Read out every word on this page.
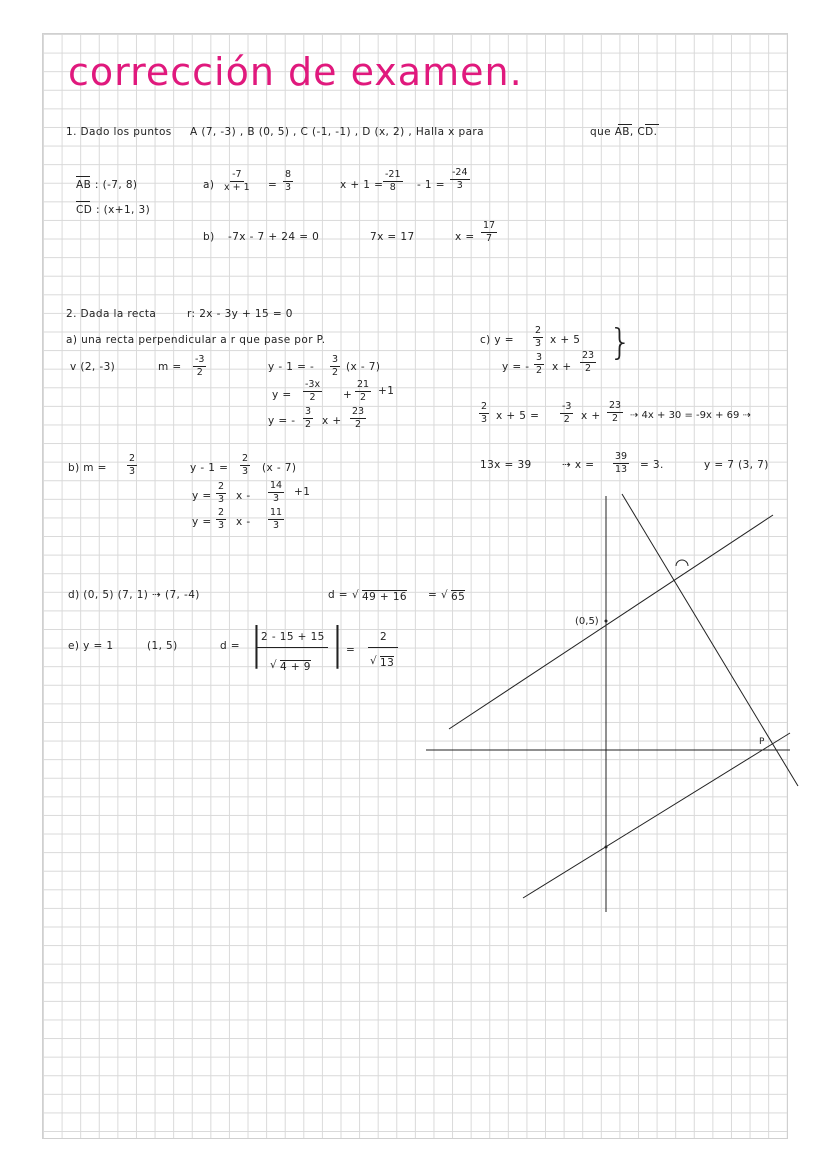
corrección de examen.
1. Dado los puntos A (7, -3) , B (0, 5) , C (-1, -1) , D (x, 2) , Halla x para	que AB, CD.
AB : (-7, 8)
CD : (x+1, 3)
$a) \frac{-7}{x + 1} = \frac{8}{3}$	$x + 1 = \frac{-21}{8} - 1 = \frac{-24}{3}$
b) -7x - 7 + 24 = 0	7x = 17	$x = \frac{17}{7}$
2. Dada la recta	r: 2x - 3y + 15 = 0
a) una recta perpendicular a r que pase por P.
v (2, -3)	$m = \frac{-3}{2}$	y - 1 = - $\frac{3}{2} (x - 7)$
$y = \frac{-3x}{2} + \frac{21}{2} +1$
y = - $\frac{3}{2}$ $x + \frac{23}{2}$
b) $m = \frac{2}{3}$	$y - 1 = \frac{2}{3} (x - 7)$
$y = \frac{2}{3}$ $x - \frac{14}{3} +1$
$y = \frac{2}{3}$ x - $\frac{11}{3}$
c) $y = \frac{2}{3}$ x + 5
y = - $\frac{3}{2}$ $x + \frac{23}{2}$ }
$\frac{2}{3}$ $x + 5 = \frac{-3}{2}$ $x + \frac{23}{2}$ ⇢ 4x + 30 = -9x + 69 ⇢
13x = 39	⇢ $x = \frac{39}{13} = 3$.	y = 7 (3, 7)
d) (0, 5) (7, 1) ⇢ (7, -4)	d = √ 49 + 16 = √ 65
e) y = 1	(1, 5)	d = |
2 - 15 + 15
√ 4 + 9 | =
2
√ 13
(0,5)
P
